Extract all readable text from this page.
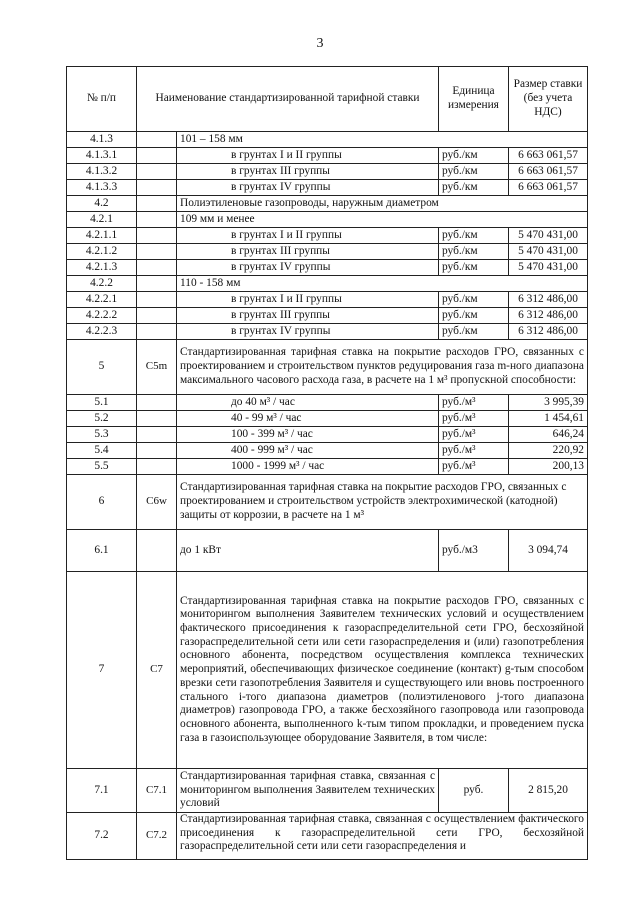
3
№ п/п	Наименование стандартизированной тарифной ставки		Единица измерения	Размер ставки (без учета НДС)
4.1.3		101 – 158 мм		
4.1.3.1		в грунтах I и II группы	руб./км	6 663 061,57
4.1.3.2		в грунтах III группы	руб./км	6 663 061,57
4.1.3.3		в грунтах IV группы	руб./км	6 663 061,57
4.2		Полиэтиленовые газопроводы, наружным диаметром		
4.2.1		109 мм и менее		
4.2.1.1		в грунтах I и II группы	руб./км	5 470 431,00
4.2.1.2		в грунтах III группы	руб./км	5 470 431,00
4.2.1.3		в грунтах IV группы	руб./км	5 470 431,00
4.2.2		110 - 158 мм		
4.2.2.1		в грунтах I и II группы	руб./км	6 312 486,00
4.2.2.2		в грунтах III группы	руб./км	6 312 486,00
4.2.2.3		в грунтах IV группы	руб./км	6 312 486,00
5	C5m	Стандартизированная тарифная ставка на покрытие расходов ГРО, связанных с проектированием и строительством пунктов редуцирования газа m-ного диапазона максимального часового расхода газа, в расчете на 1 м³ пропускной способности:		
5.1		до 40 м³ / час	руб./м³	3 995,39
5.2		40 - 99 м³ / час	руб./м³	1 454,61
5.3		100 - 399 м³ / час	руб./м³	646,24
5.4		400 - 999 м³ / час	руб./м³	220,92
5.5		1000 - 1999 м³ / час	руб./м³	200,13
6	C6w	Стандартизированная тарифная ставка на покрытие расходов ГРО, связанных с проектированием и строительством устройств электрохимической (катодной) защиты от коррозии, в расчете на 1 м³		
6.1		до 1 кВт	руб./м3	3 094,74
7	C7	Стандартизированная тарифная ставка на покрытие расходов ГРО, связанных с мониторингом выполнения Заявителем технических условий и осуществлением фактического присоединения к газораспределительной сети ГРО, бесхозяйной газораспределительной сети или сети газораспределения и (или) газопотребления основного абонента, посредством осуществления комплекса технических мероприятий, обеспечивающих физическое соединение (контакт) g-тым способом врезки сети газопотребления Заявителя и существующего или вновь построенного стального i-того диапазона диаметров (полиэтиленового j-того диапазона диаметров) газопровода ГРО, а также бесхозяйного газопровода или газопровода основного абонента, выполненного k-тым типом прокладки, и проведением пуска газа в газоиспользующее оборудование Заявителя, в том числе:		
7.1	C7.1	Стандартизированная тарифная ставка, связанная с мониторингом выполнения Заявителем технических условий	руб.	2 815,20
7.2	C7.2	Стандартизированная тарифная ставка, связанная с осуществлением фактического присоединения к газораспределительной сети ГРО, бесхозяйной газораспределительной сети или сети газораспределения и		
